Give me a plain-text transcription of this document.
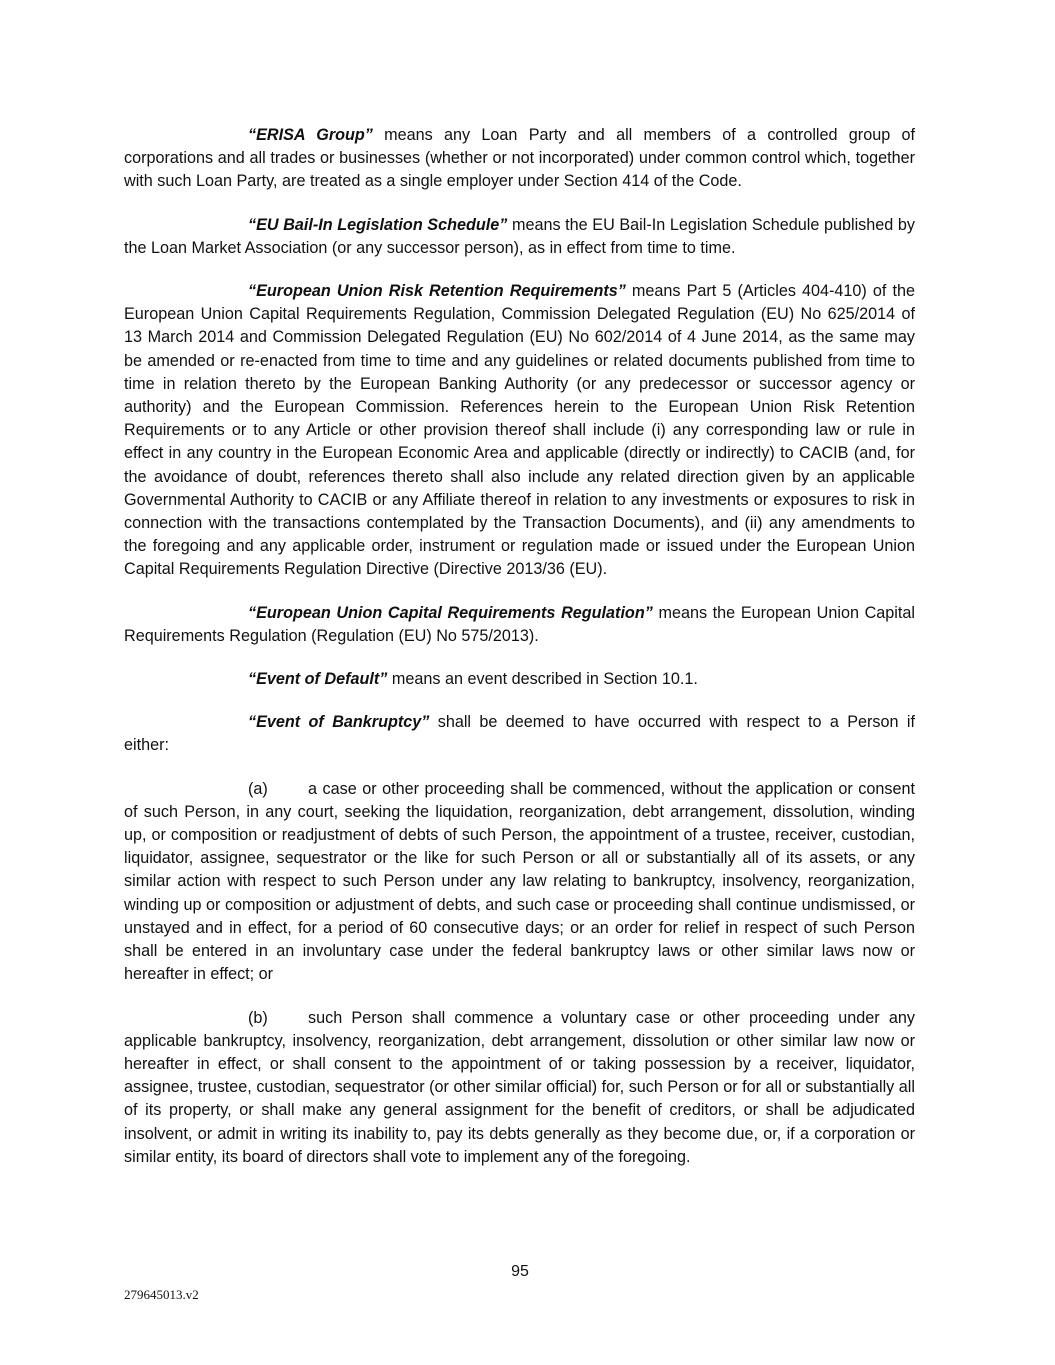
“ERISA Group” means any Loan Party and all members of a controlled group of corporations and all trades or businesses (whether or not incorporated) under common control which, together with such Loan Party, are treated as a single employer under Section 414 of the Code.

“EU Bail-In Legislation Schedule” means the EU Bail-In Legislation Schedule published by the Loan Market Association (or any successor person), as in effect from time to time.

“European Union Risk Retention Requirements” means Part 5 (Articles 404-410) of the European Union Capital Requirements Regulation, Commission Delegated Regulation (EU) No 625/2014 of 13 March 2014 and Commission Delegated Regulation (EU) No 602/2014 of 4 June 2014, as the same may be amended or re-enacted from time to time and any guidelines or related documents published from time to time in relation thereto by the European Banking Authority (or any predecessor or successor agency or authority) and the European Commission. References herein to the European Union Risk Retention Requirements or to any Article or other provision thereof shall include (i) any corresponding law or rule in effect in any country in the European Economic Area and applicable (directly or indirectly) to CACIB (and, for the avoidance of doubt, references thereto shall also include any related direction given by an applicable Governmental Authority to CACIB or any Affiliate thereof in relation to any investments or exposures to risk in connection with the transactions contemplated by the Transaction Documents), and (ii) any amendments to the foregoing and any applicable order, instrument or regulation made or issued under the European Union Capital Requirements Regulation Directive (Directive 2013/36 (EU).

“European Union Capital Requirements Regulation” means the European Union Capital Requirements Regulation (Regulation (EU) No 575/2013).

“Event of Default” means an event described in Section 10.1.

“Event of Bankruptcy” shall be deemed to have occurred with respect to a Person if

either:

(a) a case or other proceeding shall be commenced, without the application or consent of such Person, in any court, seeking the liquidation, reorganization, debt arrangement, dissolution, winding up, or composition or readjustment of debts of such Person, the appointment of a trustee, receiver, custodian, liquidator, assignee, sequestrator or the like for such Person or all or substantially all of its assets, or any similar action with respect to such Person under any law relating to bankruptcy, insolvency, reorganization, winding up or composition or adjustment of debts, and such case or proceeding shall continue undismissed, or unstayed and in effect, for a period of 60 consecutive days; or an order for relief in respect of such Person shall be entered in an involuntary case under the federal bankruptcy laws or other similar laws now or hereafter in effect; or

(b) such Person shall commence a voluntary case or other proceeding under any applicable bankruptcy, insolvency, reorganization, debt arrangement, dissolution or other similar law now or hereafter in effect, or shall consent to the appointment of or taking possession by a receiver, liquidator, assignee, trustee, custodian, sequestrator (or other similar official) for, such Person or for all or substantially all of its property, or shall make any general assignment for the benefit of creditors, or shall be adjudicated insolvent, or admit in writing its inability to, pay its debts generally as they become due, or, if a corporation or similar entity, its board of directors shall vote to implement any of the foregoing.

95
279645013.v2
